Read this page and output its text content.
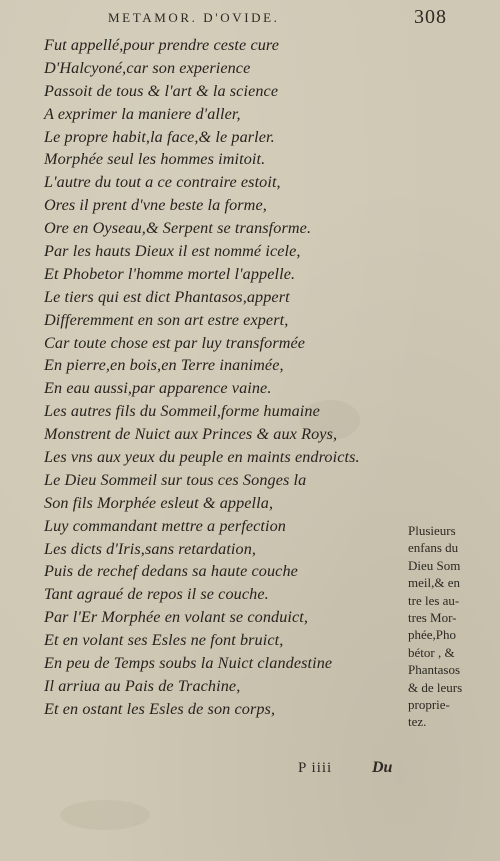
METAMOR. D'OVIDE.	308
Fut appellé,pour prendre ceste cure
D'Halcyoné,car son experience
Passoit de tous & l'art & la science
A exprimer la maniere d'aller,
Le propre habit,la face,& le parler.
Morphée seul les hommes imitoit.
L'autre du tout a ce contraire estoit,
Ores il prent d'vne beste la forme,
Ore en Oyseau,& Serpent se transforme.
Par les hauts Dieux il est nommé icele,
Et Phobetor l'homme mortel l'appelle.
Le tiers qui est dict Phantasos,appert
Differemment en son art estre expert,
Car toute chose est par luy transformée
En pierre,en bois,en Terre inanimée,
En eau aussi,par apparence vaine.
Les autres fils du Sommeil,forme humaine
Monstrent de Nuict aux Princes & aux Roys,
Les vns aux yeux du peuple en maints endroicts.
Le Dieu Sommeil sur tous ces Songes la
Son fils Morphée esleut & appella,
Luy commandant mettre a perfection
Les dicts d'Iris,sans retardation,
Puis de rechef dedans sa haute couche
Tant agraué de repos il se couche.
Par l'Er Morphée en volant se conduict,
Et en volant ses Esles ne font bruict,
En peu de Temps soubs la Nuict clandestine
Il arriua au Pais de Trachine,
Et en ostant les Esles de son corps,
Plusieurs
enfans du
Dieu Som
meil,& en
tre les au-
tres Mor-
phée,Pho
bétor , &
Phantasos
& de leurs
proprie-
tez.
P iiii Du
